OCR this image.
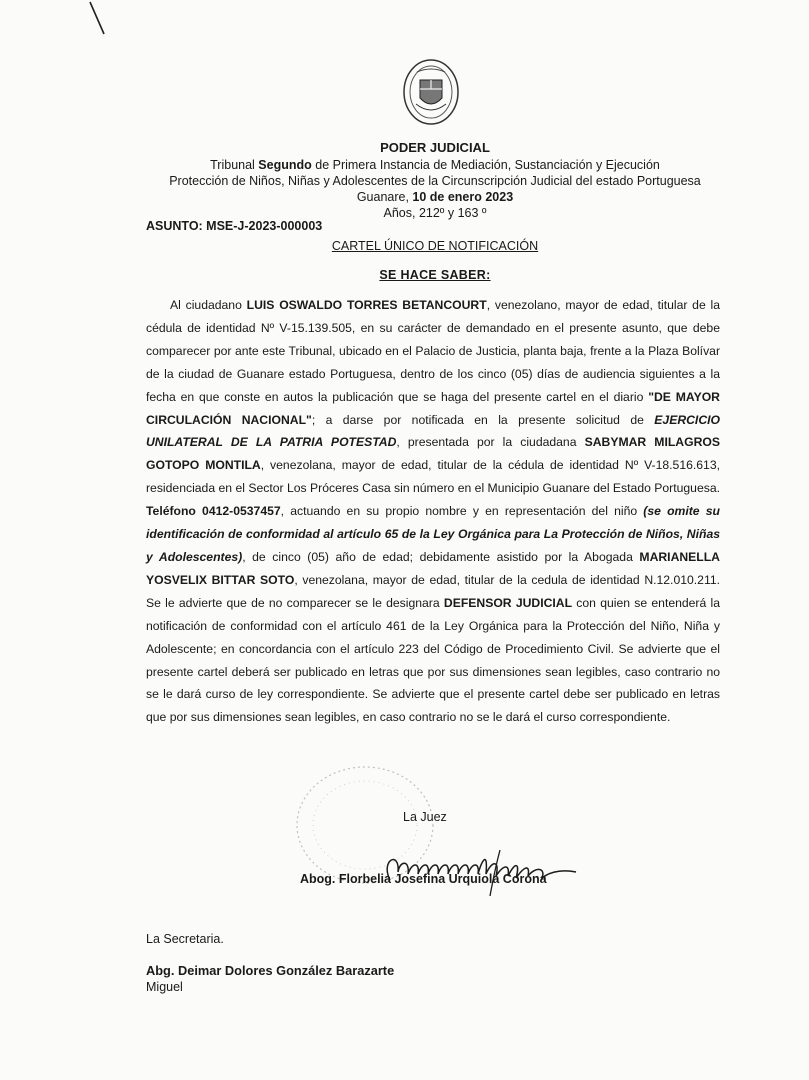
PODER JUDICIAL
Tribunal Segundo de Primera Instancia de Mediación, Sustanciación y Ejecución
Protección de Niños, Niñas y Adolescentes de la Circunscripción Judicial del estado Portuguesa
Guanare, 10 de enero 2023
Años, 212º y 163 º
ASUNTO: MSE-J-2023-000003
CARTEL ÚNICO DE NOTIFICACIÓN
SE HACE SABER:
Al ciudadano LUIS OSWALDO TORRES BETANCOURT, venezolano, mayor de edad, titular de la cédula de identidad Nº V-15.139.505, en su carácter de demandado en el presente asunto, que debe comparecer por ante este Tribunal, ubicado en el Palacio de Justicia, planta baja, frente a la Plaza Bolívar de la ciudad de Guanare estado Portuguesa, dentro de los cinco (05) días de audiencia siguientes a la fecha en que conste en autos la publicación que se haga del presente cartel en el diario "DE MAYOR CIRCULACIÓN NACIONAL"; a darse por notificada en la presente solicitud de EJERCICIO UNILATERAL DE LA PATRIA POTESTAD, presentada por la ciudadana SABYMAR MILAGROS GOTOPO MONTILA, venezolana, mayor de edad, titular de la cédula de identidad Nº V-18.516.613, residenciada en el Sector Los Próceres Casa sin número en el Municipio Guanare del Estado Portuguesa. Teléfono 0412-0537457, actuando en su propio nombre y en representación del niño (se omite su identificación de conformidad al artículo 65 de la Ley Orgánica para La Protección de Niños, Niñas y Adolescentes), de cinco (05) año de edad; debidamente asistido por la Abogada MARIANELLA YOSVELIX BITTAR SOTO, venezolana, mayor de edad, titular de la cedula de identidad N.12.010.211. Se le advierte que de no comparecer se le designara DEFENSOR JUDICIAL con quien se entenderá la notificación de conformidad con el artículo 461 de la Ley Orgánica para la Protección del Niño, Niña y Adolescente; en concordancia con el artículo 223 del Código de Procedimiento Civil. Se advierte que el presente cartel deberá ser publicado en letras que por sus dimensiones sean legibles, caso contrario no se le dará curso de ley correspondiente. Se advierte que el presente cartel debe ser publicado en letras que por sus dimensiones sean legibles, en caso contrario no se le dará el curso correspondiente.
La Juez
Abog. Florbelia Josefina Urquiola Corona
La Secretaria.
Abg. Deimar Dolores González Barazarte
Miguel
